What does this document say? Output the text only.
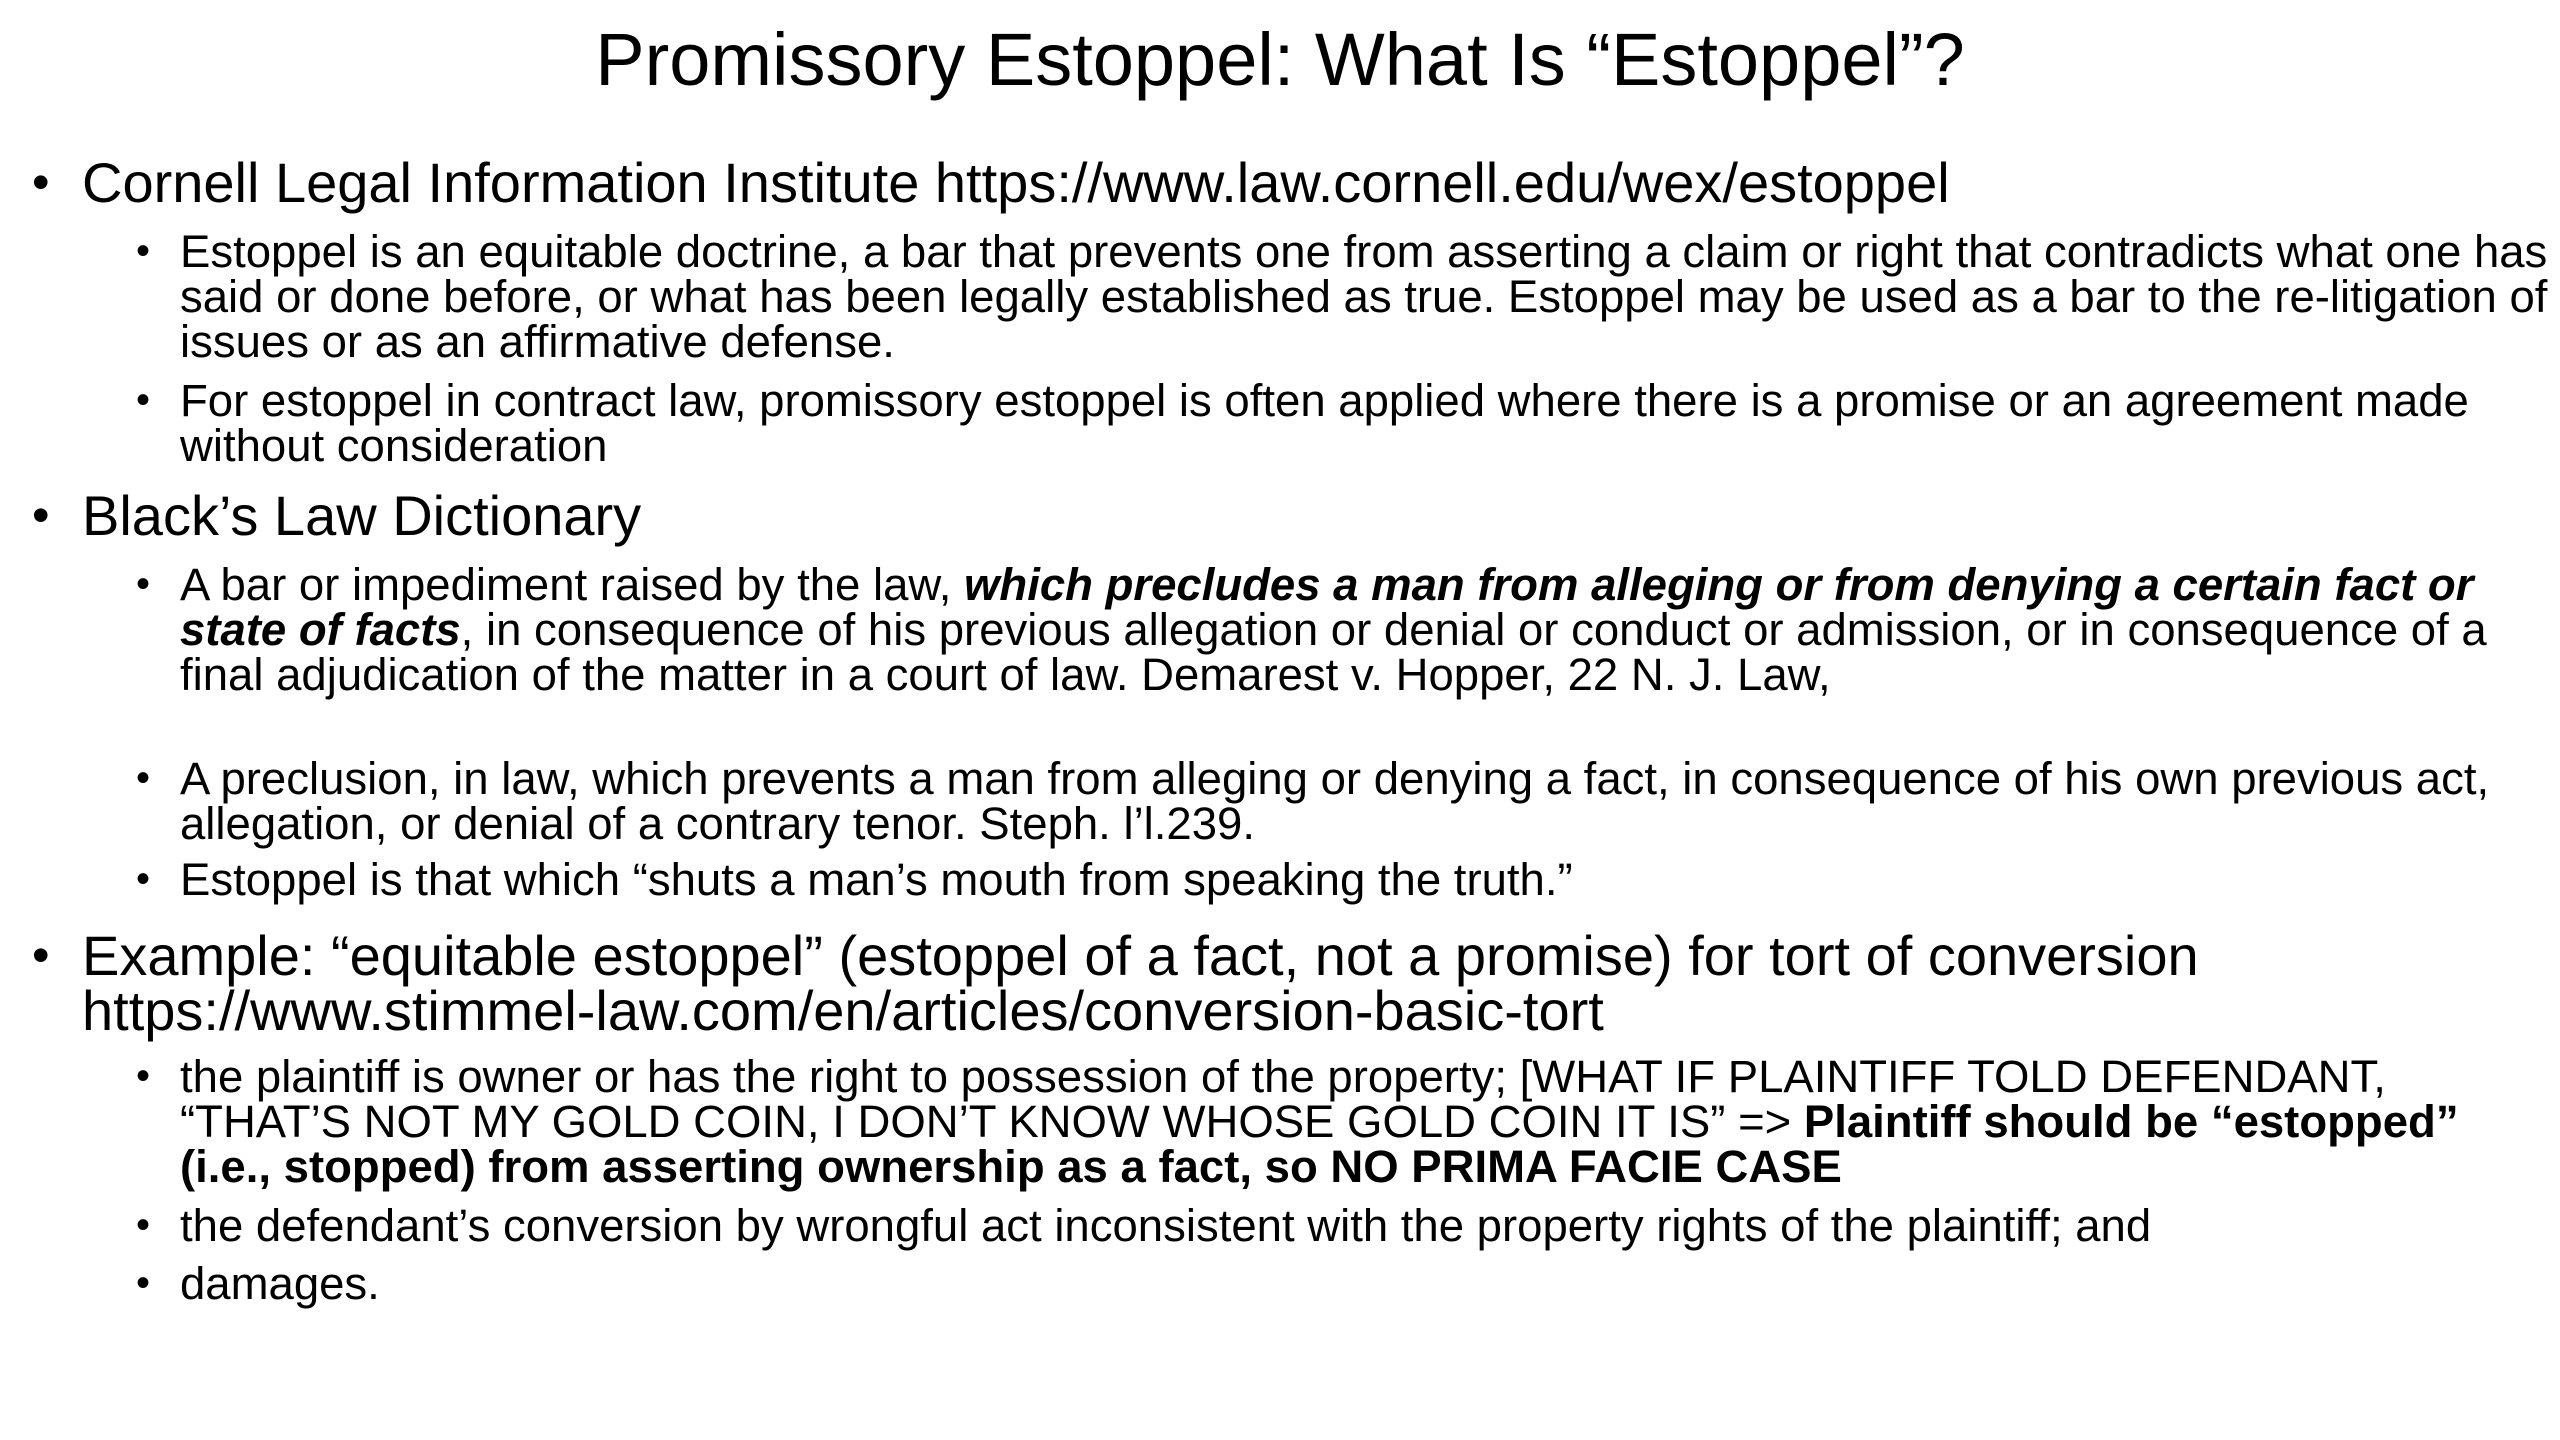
Promissory Estoppel: What Is “Estoppel”?
• Cornell Legal Information Institute https://www.law.cornell.edu/wex/estoppel
• Estoppel is an equitable doctrine, a bar that prevents one from asserting a claim or right that contradicts what one has said or done before, or what has been legally established as true. Estoppel may be used as a bar to the re-litigation of issues or as an affirmative defense.
• For estoppel in contract law, promissory estoppel is often applied where there is a promise or an agreement made without consideration
• Black’s Law Dictionary
• A bar or impediment raised by the law, which precludes a man from alleging or from denying a certain fact or state of facts, in consequence of his previous allegation or denial or conduct or admission, or in consequence of a final adjudication of the matter in a court of law. Demarest v. Hopper, 22 N. J. Law,
• A preclusion, in law, which prevents a man from alleging or denying a fact, in consequence of his own previous act, allegation, or denial of a contrary tenor. Steph. l’l.239.
• Estoppel is that which “shuts a man’s mouth from speaking the truth.”
• Example: “equitable estoppel” (estoppel of a fact, not a promise) for tort of conversion
https://www.stimmel-law.com/en/articles/conversion-basic-tort
• the plaintiff is owner or has the right to possession of the property; [WHAT IF PLAINTIFF TOLD DEFENDANT, “THAT’S NOT MY GOLD COIN, I DON’T KNOW WHOSE GOLD COIN IT IS” => Plaintiff should be “estopped” (i.e., stopped) from asserting ownership as a fact, so NO PRIMA FACIE CASE
• the defendant’s conversion by wrongful act inconsistent with the property rights of the plaintiff; and
• damages.
